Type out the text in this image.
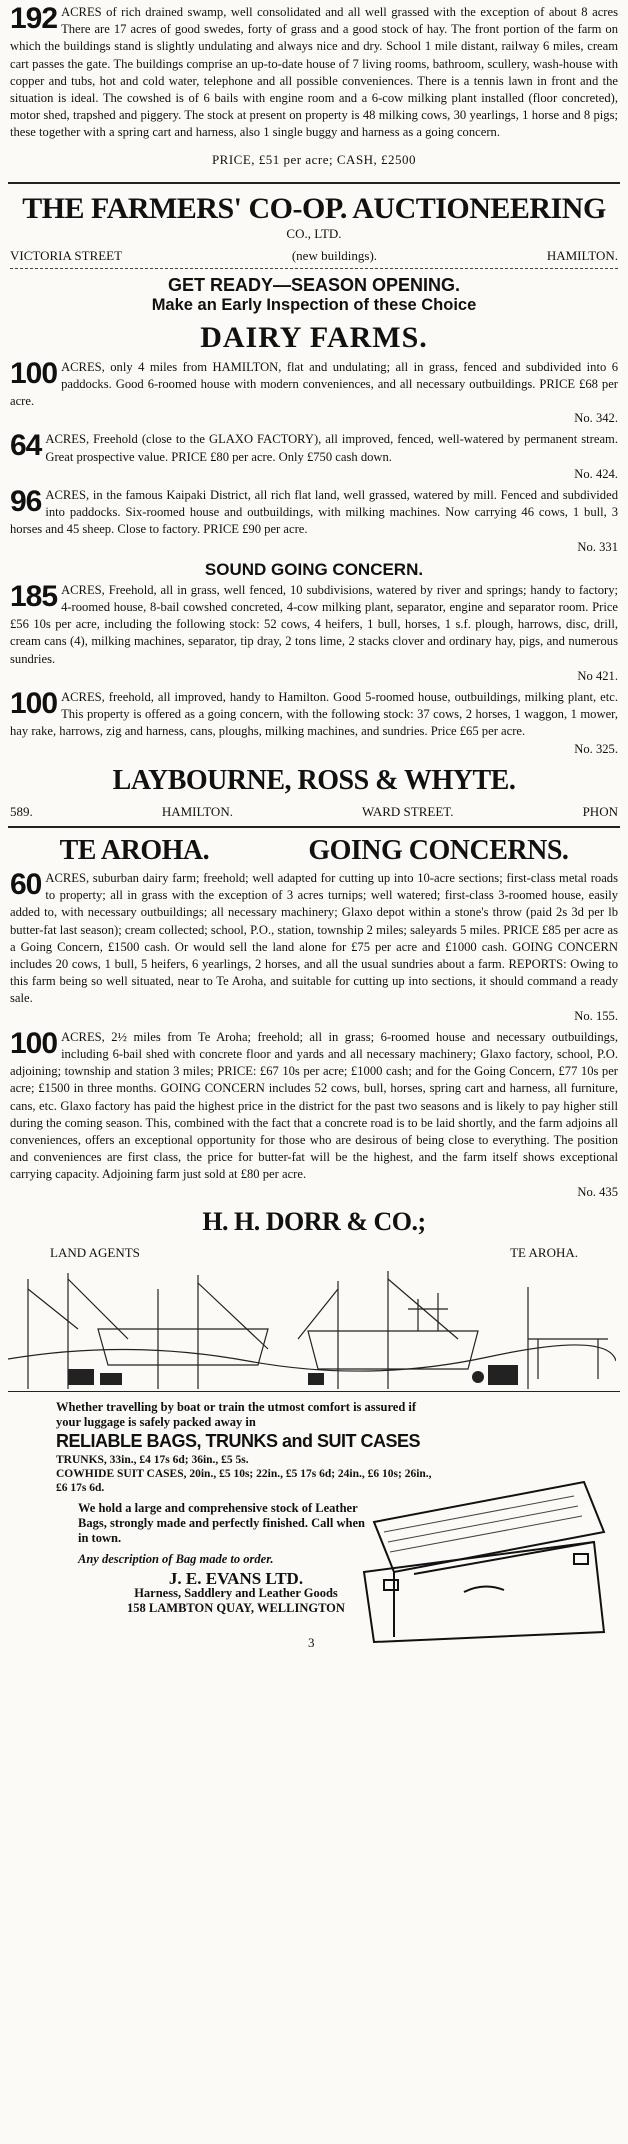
192 ACRES of rich drained swamp, well consolidated and all well grassed with the exception of about 8 acres There are 17 acres of good swedes, forty of grass and a good stock of hay. The front portion of the farm on which the buildings stand is slightly undulating and always nice and dry. School 1 mile distant, railway 6 miles, cream cart passes the gate. The buildings comprise an up-to-date house of 7 living rooms, bathroom, scullery, wash-house with copper and tubs, hot and cold water, telephone and all possible conveniences. There is a tennis lawn in front and the situation is ideal. The cowshed is of 6 bails with engine room and a 6-cow milking plant installed (floor concreted), motor shed, trapshed and piggery. The stock at present on property is 48 milking cows, 30 yearlings, 1 horse and 8 pigs; these together with a spring cart and harness, also 1 single buggy and harness as a going concern.

PRICE, £51 per acre; CASH, £2500
THE FARMERS' CO-OP. AUCTIONEERING
CO., LTD.
VICTORIA STREET	(new buildings).	HAMILTON.
GET READY—SEASON OPENING.
Make an Early Inspection of these Choice
DAIRY FARMS.

100 ACRES, only 4 miles from HAMILTON, flat and undulating; all in grass, fenced and subdivided into 6 paddocks. Good 6-roomed house with modern conveniences, and all necessary outbuildings. PRICE £68 per acre.

No. 342.

64 ACRES, Freehold (close to the GLAXO FACTORY), all improved, fenced, well-watered by permanent stream. Great prospective value. PRICE £80 per acre. Only £750 cash down.

No. 424.

96 ACRES, in the famous Kaipaki District, all rich flat land, well grassed, watered by mill. Fenced and subdivided into paddocks. Six-roomed house and outbuildings, with milking machines. Now carrying 46 cows, 1 bull, 3 horses and 45 sheep. Close to factory. PRICE £90 per acre.

No. 331
SOUND GOING CONCERN.

185 ACRES, Freehold, all in grass, well fenced, 10 subdivisions, watered by river and springs; handy to factory; 4-roomed house, 8-bail cowshed concreted, 4-cow milking plant, separator, engine and separator room. Price £56 10s per acre, including the following stock: 52 cows, 4 heifers, 1 bull, horses, 1 s.f. plough, harrows, disc, drill, cream cans (4), milking machines, separator, tip dray, 2 tons lime, 2 stacks clover and ordinary hay, pigs, and numerous sundries.

No 421.

100 ACRES, freehold, all improved, handy to Hamilton. Good 5-roomed house, outbuildings, milking plant, etc. This property is offered as a going concern, with the following stock: 37 cows, 2 horses, 1 waggon, 1 mower, hay rake, harrows, zig and harness, cans, ploughs, milking machines, and sundries. Price £65 per acre.

No. 325.
LAYBOURNE, ROSS & WHYTE.
589.	HAMILTON.	WARD STREET.	PHON
TE AROHA.	GOING CONCERNS.

60 ACRES, suburban dairy farm; freehold; well adapted for cutting up into 10-acre sections; first-class metal roads to property; all in grass with the exception of 3 acres turnips; well watered; first-class 3-roomed house, easily added to, with necessary outbuildings; all necessary machinery; Glaxo depot within a stone's throw (paid 2s 3d per lb butter-fat last season); cream collected; school, P.O., station, township 2 miles; saleyards 5 miles. PRICE £85 per acre as a Going Concern, £1500 cash. Or would sell the land alone for £75 per acre and £1000 cash. GOING CONCERN includes 20 cows, 1 bull, 5 heifers, 6 yearlings, 2 horses, and all the usual sundries about a farm. REPORTS: Owing to this farm being so well situated, near to Te Aroha, and suitable for cutting up into sections, it should command a ready sale.

No. 155.

100 ACRES, 2½ miles from Te Aroha; freehold; all in grass; 6-roomed house and necessary outbuildings, including 6-bail shed with concrete floor and yards and all necessary machinery; Glaxo factory, school, P.O. adjoining; township and station 3 miles; PRICE: £67 10s per acre; £1000 cash; and for the Going Concern, £77 10s per acre; £1500 in three months. GOING CONCERN includes 52 cows, bull, horses, spring cart and harness, all furniture, cans, etc. Glaxo factory has paid the highest price in the district for the past two seasons and is likely to pay higher still during the coming season. This, combined with the fact that a concrete road is to be laid shortly, and the farm adjoins all conveniences, offers an exceptional opportunity for those who are desirous of being close to everything. The position and conveniences are first class, the price for butter-fat will be the highest, and the farm itself shows exceptional carrying capacity. Adjoining farm just sold at £80 per acre.

No. 435
H. H. DORR & CO.;
LAND AGENTS	TE AROHA.
Whether travelling by boat or train the utmost comfort is assured if your luggage is safely packed away in
RELIABLE BAGS, TRUNKS and SUIT CASES
TRUNKS, 33in., £4 17s 6d; 36in., £5 5s.
COWHIDE SUIT CASES, 20in., £5 10s; 22in., £5 17s 6d; 24in., £6 10s; 26in., £6 17s 6d.
We hold a large and comprehensive stock of Leather Bags, strongly made and perfectly finished. Call when in town.
Any description of Bag made to order.
J. E. EVANS LTD.
Harness, Saddlery and Leather Goods
158 LAMBTON QUAY, WELLINGTON
3
